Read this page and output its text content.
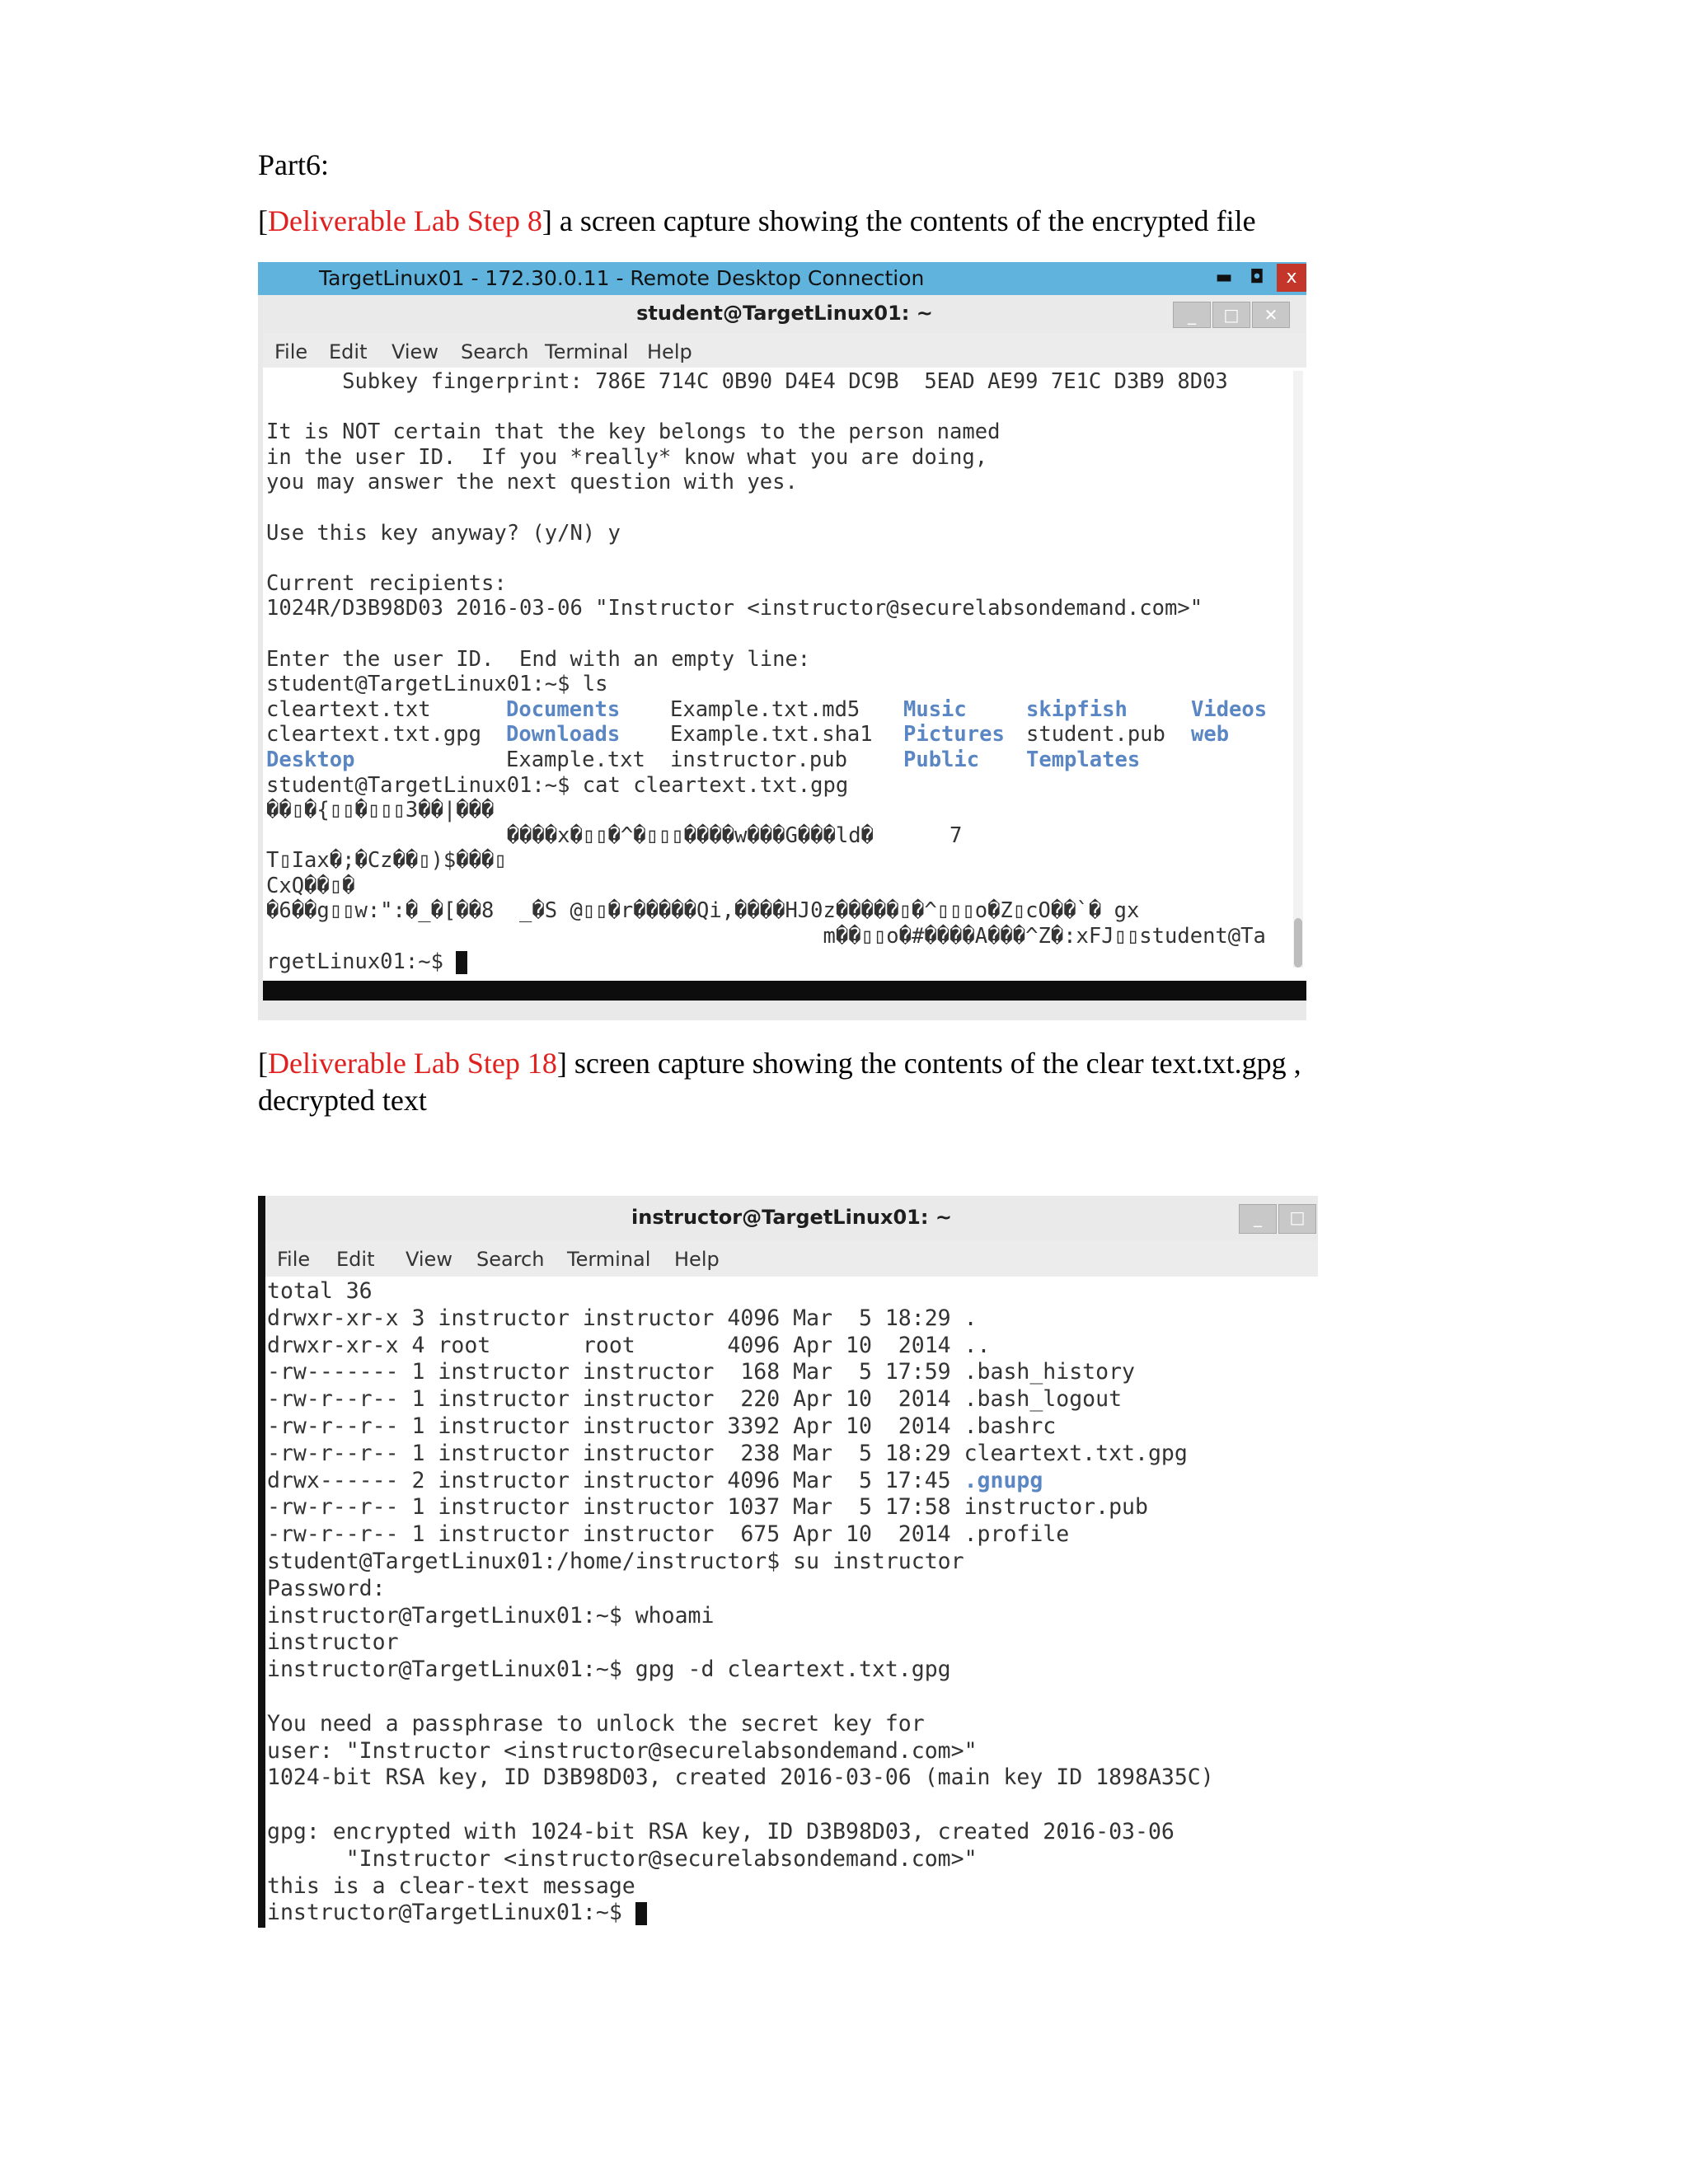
Part6:
[Deliverable Lab Step 8] a screen capture showing the contents of the encrypted file
TargetLinux01 - 172.30.0.11 - Remote Desktop Connection	▬ ◘	x
student@TargetLinux01: ~	_	□	✕
File Edit View Search Terminal Help
Subkey fingerprint: 786E 714C 0B90 D4E4 DC9B  5EAD AE99 7E1C D3B9 8D03
It is NOT certain that the key belongs to the person named
in the user ID.  If you *really* know what you are doing,
you may answer the next question with yes.
Use this key anyway? (y/N) y
Current recipients:
1024R/D3B98D03 2016-03-06 "Instructor <instructor@securelabsondemand.com>"
Enter the user ID.  End with an empty line:
student@TargetLinux01:~$ ls
cleartext.txt	Documents Example.txt.md5 Music	skipfish	Videos
cleartext.txt.gpg Downloads Example.txt.sha1 Pictures student.pub web
Desktop	Example.txt instructor.pub	Public Templates
student@TargetLinux01:~$ cat cleartext.txt.gpg
��▯�{▯▯�▯▯▯3��|���
����x�▯▯�^�▯▯▯����w���G���ld�      7
T▯Iax�;�Cz��▯)$���▯
CxQ��▯�
�6��g▯▯w:":�_�[��8  _�S @▯▯�r�����Qi,����HJ0z�����▯�^▯▯▯o�Z▯cO��`� gx
m��▯▯o�#����A���^Z�:xFJ▯▯student@Ta
rgetLinux01:~$
[Deliverable Lab Step 18] screen capture showing the contents of the clear text.txt.gpg ,
decrypted text
instructor@TargetLinux01: ~	_	□
File Edit View Search Terminal Help
total 36
drwxr-xr-x 3 instructor instructor 4096 Mar  5 18:29 .
drwxr-xr-x 4 root       root       4096 Apr 10  2014 ..
-rw------- 1 instructor instructor  168 Mar  5 17:59 .bash_history
-rw-r--r-- 1 instructor instructor  220 Apr 10  2014 .bash_logout
-rw-r--r-- 1 instructor instructor 3392 Apr 10  2014 .bashrc
-rw-r--r-- 1 instructor instructor  238 Mar  5 18:29 cleartext.txt.gpg
drwx------ 2 instructor instructor 4096 Mar  5 17:45 .gnupg
-rw-r--r-- 1 instructor instructor 1037 Mar  5 17:58 instructor.pub
-rw-r--r-- 1 instructor instructor  675 Apr 10  2014 .profile
student@TargetLinux01:/home/instructor$ su instructor
Password:
instructor@TargetLinux01:~$ whoami
instructor
instructor@TargetLinux01:~$ gpg -d cleartext.txt.gpg
You need a passphrase to unlock the secret key for
user: "Instructor <instructor@securelabsondemand.com>"
1024-bit RSA key, ID D3B98D03, created 2016-03-06 (main key ID 1898A35C)
gpg: encrypted with 1024-bit RSA key, ID D3B98D03, created 2016-03-06
"Instructor <instructor@securelabsondemand.com>"
this is a clear-text message
instructor@TargetLinux01:~$
